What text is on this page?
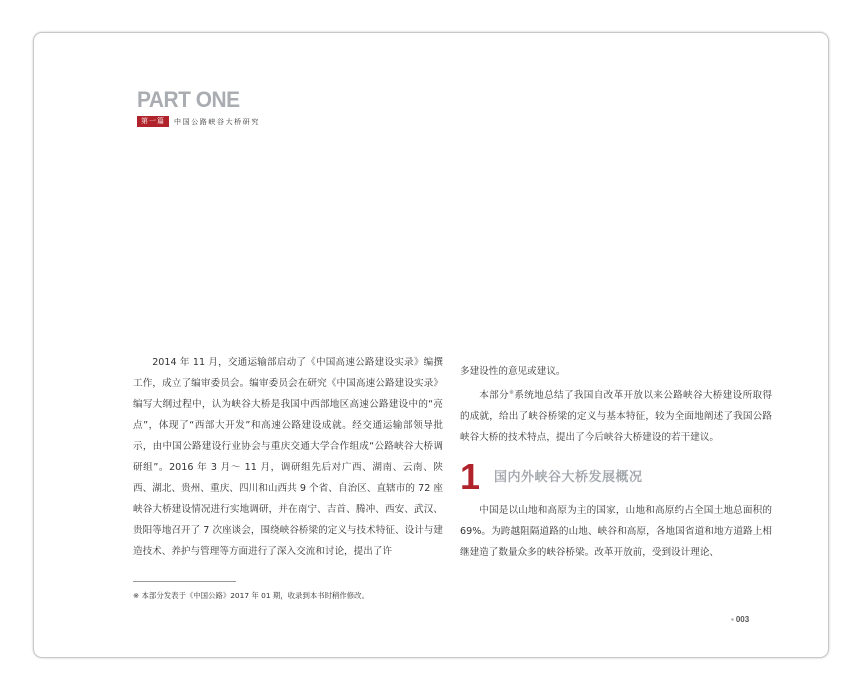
PART ONE
第一篇	中国公路峡谷大桥研究

2014 年 11 月，交通运输部启动了《中国高速公路建设实录》编撰工作，成立了编审委员会。编审委员会在研究《中国高速公路建设实录》编写大纲过程中，认为峡谷大桥是我国中西部地区高速公路建设中的“亮点”，体现了“西部大开发”和高速公路建设成就。经交通运输部领导批示，由中国公路建设行业协会与重庆交通大学合作组成“公路峡谷大桥调研组”。2016 年 3 月～ 11 月，调研组先后对广西、湖南、云南、陕西、湖北、贵州、重庆、四川和山西共 9 个省、自治区、直辖市的 72 座峡谷大桥建设情况进行实地调研，并在南宁、吉首、腾冲、西安、武汉、贵阳等地召开了 7 次座谈会，围绕峡谷桥梁的定义与技术特征、设计与建造技术、养护与管理等方面进行了深入交流和讨论，提出了许

多建设性的意见或建议。

本部分※系统地总结了我国自改革开放以来公路峡谷大桥建设所取得的成就，给出了峡谷桥梁的定义与基本特征，较为全面地阐述了我国公路峡谷大桥的技术特点，提出了今后峡谷大桥建设的若干建议。

1	国内外峡谷大桥发展概况

中国是以山地和高原为主的国家，山地和高原约占全国土地总面积的 69%。为跨越阻隔道路的山地、峡谷和高原，各地国省道和地方道路上相继建造了数量众多的峡谷桥梁。改革开放前，受到设计理论、

※ 本部分发表于《中国公路》2017 年 01 期，收录到本书时稍作修改。
▪ 003
